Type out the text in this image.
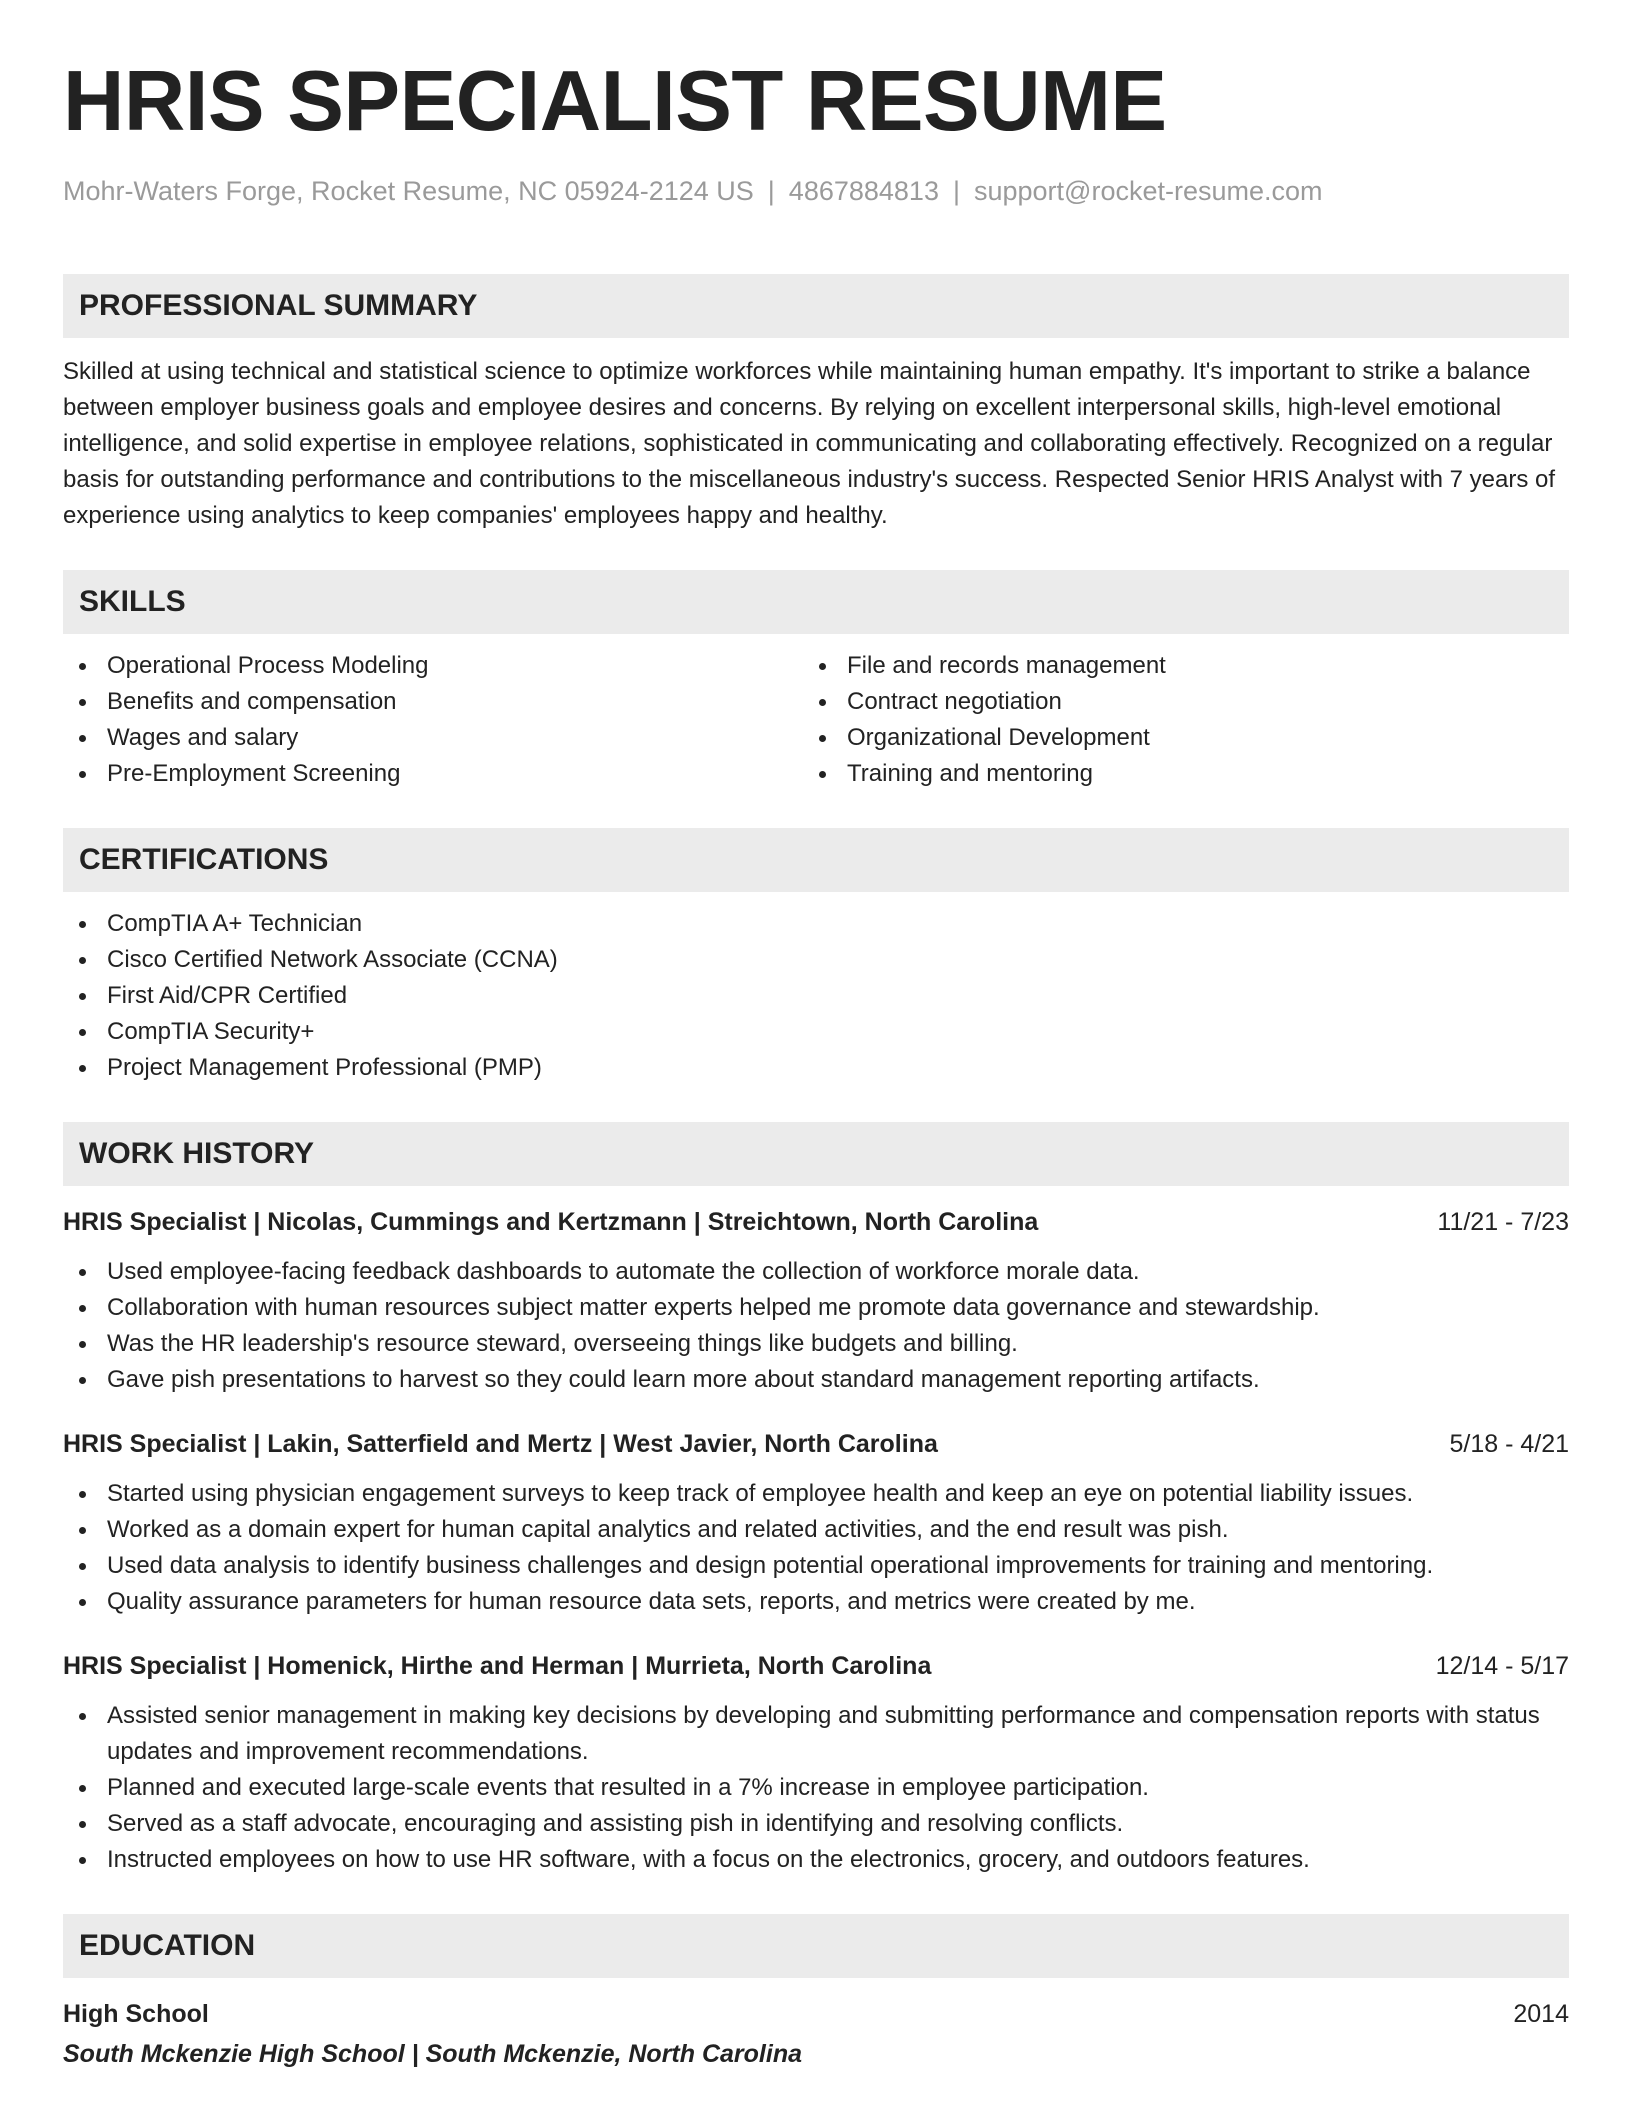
HRIS SPECIALIST RESUME
Mohr-Waters Forge, Rocket Resume, NC 05924-2124 US | 4867884813 | support@rocket-resume.com
PROFESSIONAL SUMMARY
Skilled at using technical and statistical science to optimize workforces while maintaining human empathy. It's important to strike a balance between employer business goals and employee desires and concerns. By relying on excellent interpersonal skills, high-level emotional intelligence, and solid expertise in employee relations, sophisticated in communicating and collaborating effectively. Recognized on a regular basis for outstanding performance and contributions to the miscellaneous industry's success. Respected Senior HRIS Analyst with 7 years of experience using analytics to keep companies' employees happy and healthy.
SKILLS
Operational Process Modeling
Benefits and compensation
Wages and salary
Pre-Employment Screening
File and records management
Contract negotiation
Organizational Development
Training and mentoring
CERTIFICATIONS
CompTIA A+ Technician
Cisco Certified Network Associate (CCNA)
First Aid/CPR Certified
CompTIA Security+
Project Management Professional (PMP)
WORK HISTORY
HRIS Specialist | Nicolas, Cummings and Kertzmann | Streichtown, North Carolina	11/21 - 7/23
Used employee-facing feedback dashboards to automate the collection of workforce morale data.
Collaboration with human resources subject matter experts helped me promote data governance and stewardship.
Was the HR leadership's resource steward, overseeing things like budgets and billing.
Gave pish presentations to harvest so they could learn more about standard management reporting artifacts.
HRIS Specialist | Lakin, Satterfield and Mertz | West Javier, North Carolina	5/18 - 4/21
Started using physician engagement surveys to keep track of employee health and keep an eye on potential liability issues.
Worked as a domain expert for human capital analytics and related activities, and the end result was pish.
Used data analysis to identify business challenges and design potential operational improvements for training and mentoring.
Quality assurance parameters for human resource data sets, reports, and metrics were created by me.
HRIS Specialist | Homenick, Hirthe and Herman | Murrieta, North Carolina	12/14 - 5/17
Assisted senior management in making key decisions by developing and submitting performance and compensation reports with status updates and improvement recommendations.
Planned and executed large-scale events that resulted in a 7% increase in employee participation.
Served as a staff advocate, encouraging and assisting pish in identifying and resolving conflicts.
Instructed employees on how to use HR software, with a focus on the electronics, grocery, and outdoors features.
EDUCATION
High School	2014
South Mckenzie High School | South Mckenzie, North Carolina
